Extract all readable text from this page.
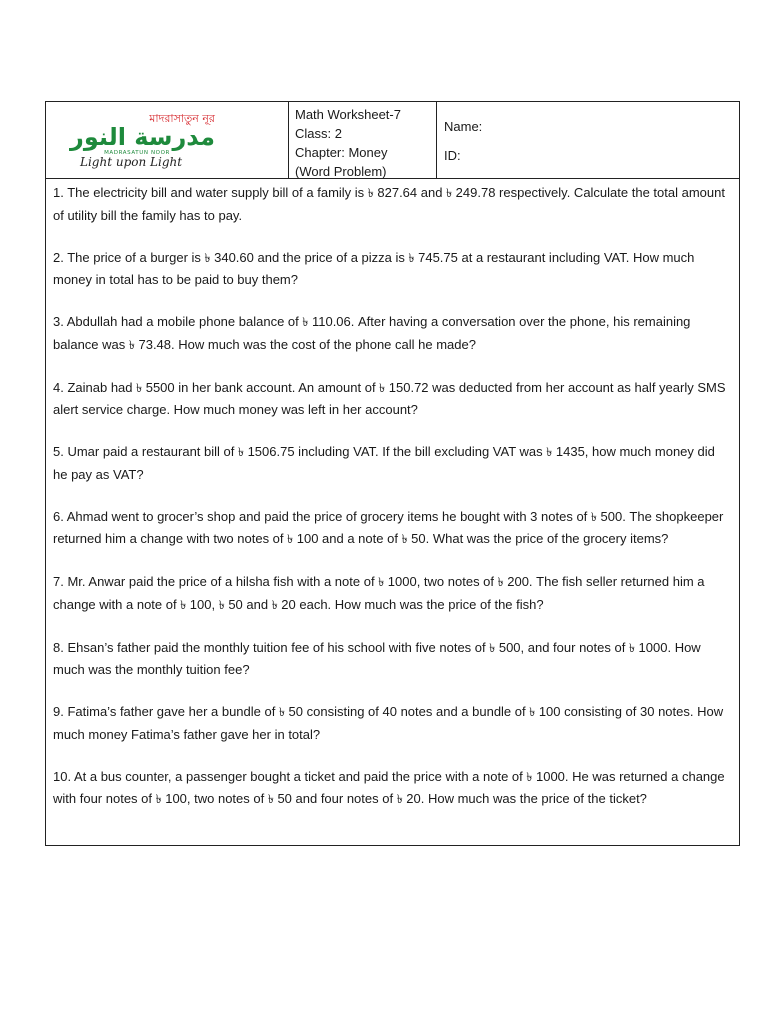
মাদরাসাতুন নূর
مدرسة النور
MADRASATUN NOOR
Light upon Light
Math Worksheet-7
Class: 2
Chapter: Money
(Word Problem)
Name:
ID:

1. The electricity bill and water supply bill of a family is ৳ 827.64 and ৳ 249.78 respectively. Calculate the total amount of utility bill the family has to pay.

2. The price of a burger is ৳ 340.60 and the price of a pizza is ৳ 745.75 at a restaurant including VAT. How much money in total has to be paid to buy them?

3. Abdullah had a mobile phone balance of ৳ 110.06. After having a conversation over the phone, his remaining balance was ৳ 73.48. How much was the cost of the phone call he made?

4. Zainab had ৳ 5500 in her bank account. An amount of ৳ 150.72 was deducted from her account as half yearly SMS alert service charge. How much money was left in her account?

5. Umar paid a restaurant bill of ৳ 1506.75 including VAT. If the bill excluding VAT was ৳ 1435, how much money did he pay as VAT?

6. Ahmad went to grocer’s shop and paid the price of grocery items he bought with 3 notes of ৳ 500. The shopkeeper returned him a change with two notes of ৳ 100 and a note of ৳ 50. What was the price of the grocery items?

7. Mr. Anwar paid the price of a hilsha fish with a note of ৳ 1000, two notes of ৳ 200. The fish seller returned him a change with a note of ৳ 100, ৳ 50 and ৳ 20 each. How much was the price of the fish?

8. Ehsan’s father paid the monthly tuition fee of his school with five notes of ৳ 500, and four notes of ৳ 1000. How much was the monthly tuition fee?

9. Fatima’s father gave her a bundle of ৳ 50 consisting of 40 notes and a bundle of ৳ 100 consisting of 30 notes. How much money Fatima’s father gave her in total?

10. At a bus counter, a passenger bought a ticket and paid the price with a note of ৳ 1000. He was returned a change with four notes of ৳ 100, two notes of ৳ 50 and four notes of ৳ 20. How much was the price of the ticket?
